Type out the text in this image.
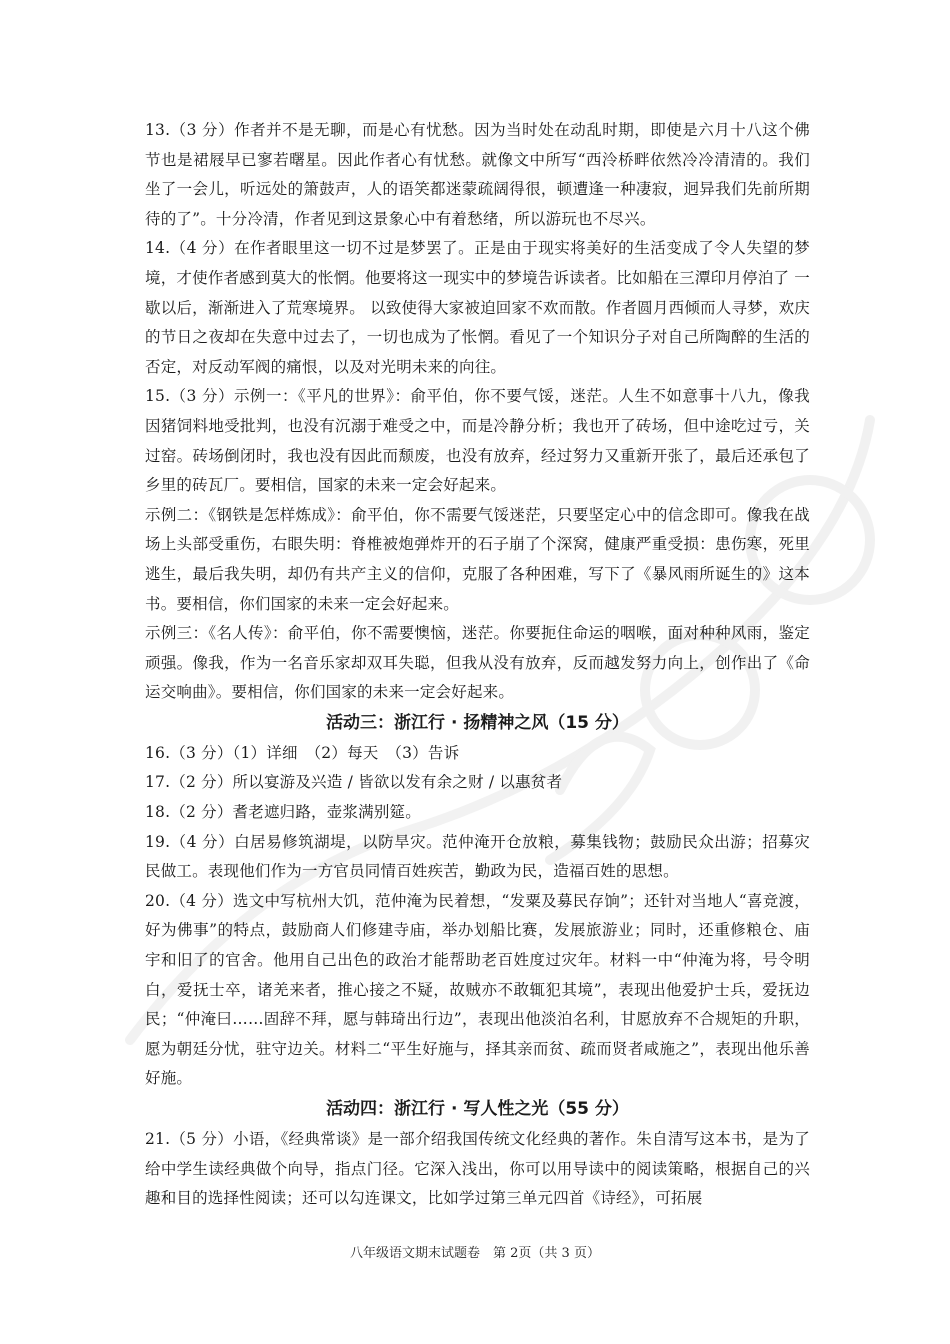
13.（3 分）作者并不是无聊，而是心有忧愁。因为当时处在动乱时期，即使是六月十八这个佛节也是裙屐早已寥若曙星。因此作者心有忧愁。就像文中所写“西泠桥畔依然冷冷清清的。我们坐了一会儿，听远处的箫鼓声，人的语笑都迷蒙疏阔得很，顿遭逢一种凄寂，迥异我们先前所期待的了”。十分冷清，作者见到这景象心中有着愁绪，所以游玩也不尽兴。

14.（4 分）在作者眼里这一切不过是梦罢了。正是由于现实将美好的生活变成了令人失望的梦境，才使作者感到莫大的怅惘。他要将这一现实中的梦境告诉读者。比如船在三潭印月停泊了 一歇以后，渐渐进入了荒寒境界。 以致使得大家被迫回家不欢而散。作者圆月西倾而人寻梦，欢庆的节日之夜却在失意中过去了，一切也成为了怅惘。看见了一个知识分子对自己所陶醉的生活的否定，对反动军阀的痛恨，以及对光明未来的向往。

15.（3 分）示例一：《平凡的世界》：俞平伯，你不要气馁，迷茫。人生不如意事十八九，像我因猪饲料地受批判，也没有沉溺于难受之中，而是冷静分析；我也开了砖场，但中途吃过亏，关过窑。砖场倒闭时，我也没有因此而颓废，也没有放弃，经过努力又重新开张了，最后还承包了乡里的砖瓦厂。要相信，国家的未来一定会好起来。

示例二：《钢铁是怎样炼成》：俞平伯，你不需要气馁迷茫，只要坚定心中的信念即可。像我在战场上头部受重伤，右眼失明：脊椎被炮弹炸开的石子崩了个深窝，健康严重受损：患伤寒，死里逃生，最后我失明，却仍有共产主义的信仰，克服了各种困难，写下了《暴风雨所诞生的》这本书。要相信，你们国家的未来一定会好起来。

示例三：《名人传》：俞平伯，你不需要懊恼，迷茫。你要扼住命运的咽喉，面对种种风雨，鉴定顽强。像我，作为一名音乐家却双耳失聪，但我从没有放弃，反而越发努力向上，创作出了《命运交响曲》。要相信，你们国家的未来一定会好起来。

活动三：浙江行 · 扬精神之风（15 分）

16.（3 分）（1）详细　（2）每天　（3）告诉

17.（2 分）所以宴游及兴造 / 皆欲以发有余之财 / 以惠贫者

18.（2 分）耆老遮归路，壶浆满别筵。

19.（4 分）白居易修筑湖堤，以防旱灾。范仲淹开仓放粮，募集钱物；鼓励民众出游；招募灾民做工。表现他们作为一方官员同情百姓疾苦，勤政为民，造福百姓的思想。

20.（4 分）选文中写杭州大饥，范仲淹为民着想，“发粟及募民存饷”；还针对当地人“喜竞渡，好为佛事”的特点，鼓励商人们修建寺庙，举办划船比赛，发展旅游业；同时，还重修粮仓、庙宇和旧了的官舍。他用自己出色的政治才能帮助老百姓度过灾年。材料一中“仲淹为将，号令明白，爱抚士卒，诸羌来者，推心接之不疑，故贼亦不敢辄犯其境”，表现出他爱护士兵，爱抚边民；“仲淹曰……固辞不拜，愿与韩琦出行边”，表现出他淡泊名利，甘愿放弃不合规矩的升职，愿为朝廷分忧，驻守边关。材料二“平生好施与，择其亲而贫、疏而贤者咸施之”，表现出他乐善好施。

活动四：浙江行 · 写人性之光（55 分）

21.（5 分）小语，《经典常谈》是一部介绍我国传统文化经典的著作。朱自清写这本书，是为了给中学生读经典做个向导，指点门径。它深入浅出，你可以用导读中的阅读策略，根据自己的兴趣和目的选择性阅读；还可以勾连课文，比如学过第三单元四首《诗经》，可拓展

八年级语文期末试题卷　第 2页（共 3 页）
